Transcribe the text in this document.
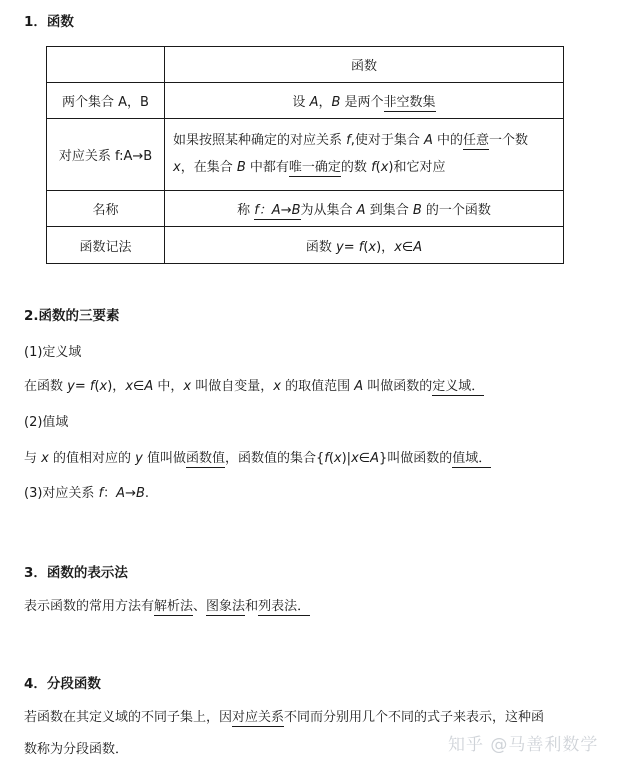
1．函数
	函数
两个集合 A，B	设 A，B 是两个非空数集
对应关系 f:A→B	如果按照某种确定的对应关系 f,使对于集合 A 中的任意一个数
x，在集合 B 中都有唯一确定的数 f(x)和它对应

名称	称 f：A→B为从集合 A 到集合 B 的一个函数
函数记法	函数 y= f(x)，x∈A
2.函数的三要素
(1)定义域
在函数 y= f(x)，x∈A 中，x 叫做自变量，x 的取值范围 A 叫做函数的定义域．
(2)值域
与 x 的值相对应的 y 值叫做函数值，函数值的集合{f(x)|x∈A}叫做函数的值域．
(3)对应关系 f：A→B.
3．函数的表示法
表示函数的常用方法有解析法、图象法和列表法．
4．分段函数
若函数在其定义域的不同子集上，因对应关系不同而分别用几个不同的式子来表示，这种函
数称为分段函数．	知乎 @马善利数学
